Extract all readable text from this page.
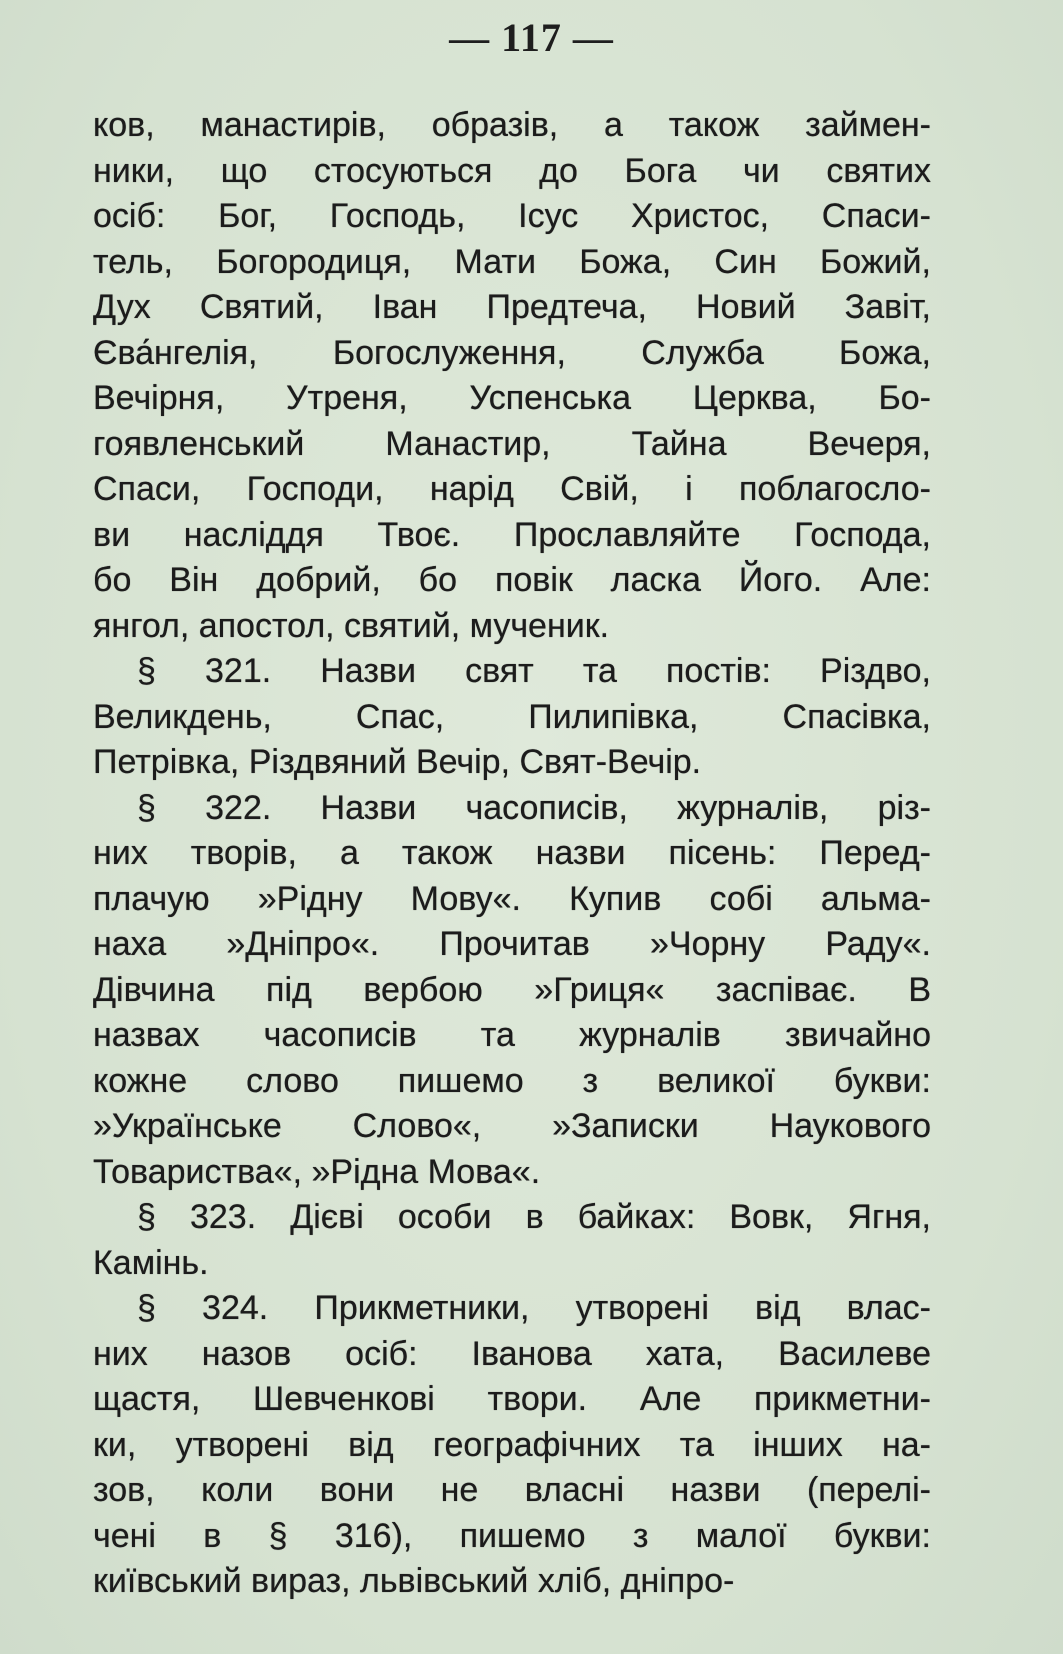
— 117 —
ков, манастирів, образів, а також займен-
ники, що стосуються до Бога чи святих
осіб: Бог, Господь, Ісус Христос, Спаси-
тель, Богородиця, Мати Божа, Син Божий,
Дух Святий, Іван Предтеча, Новий Завіт,
Єва́нгелія, Богослуження, Служба Божа,
Вечірня, Утреня, Успенська Церква, Бо-
гоявленський Манастир, Тайна Вечеря,
Спаси, Господи, нарід Свій, і поблагосло-
ви насліддя Твоє. Прославляйте Господа,
бо Він добрий, бо повік ласка Його. Але:
янгол, апостол, святий, мученик.
§ 321. Назви свят та постів: Різдво,
Великдень, Спас, Пилипівка, Спасівка,
Петрівка, Різдвяний Вечір, Свят-Вечір.
§ 322. Назви часописів, журналів, різ-
них творів, а також назви пісень: Перед-
плачую »Рідну Мову«. Купив собі альма-
наха »Дніпро«. Прочитав »Чорну Раду«.
Дівчина під вербою »Гриця« заспіває. В
назвах часописів та журналів звичайно
кожне слово пишемо з великої букви:
»Українське Слово«, »Записки Наукового
Товариства«, »Рідна Мова«.
§ 323. Дієві особи в байках: Вовк, Ягня,
Камінь.
§ 324. Прикметники, утворені від влас-
них назов осіб: Іванова хата, Василеве
щастя, Шевченкові твори. Але прикметни-
ки, утворені від географічних та інших на-
зов, коли вони не власні назви (перелі-
чені в § 316), пишемо з малої букви:
київський вираз, львівський хліб, дніпро-
